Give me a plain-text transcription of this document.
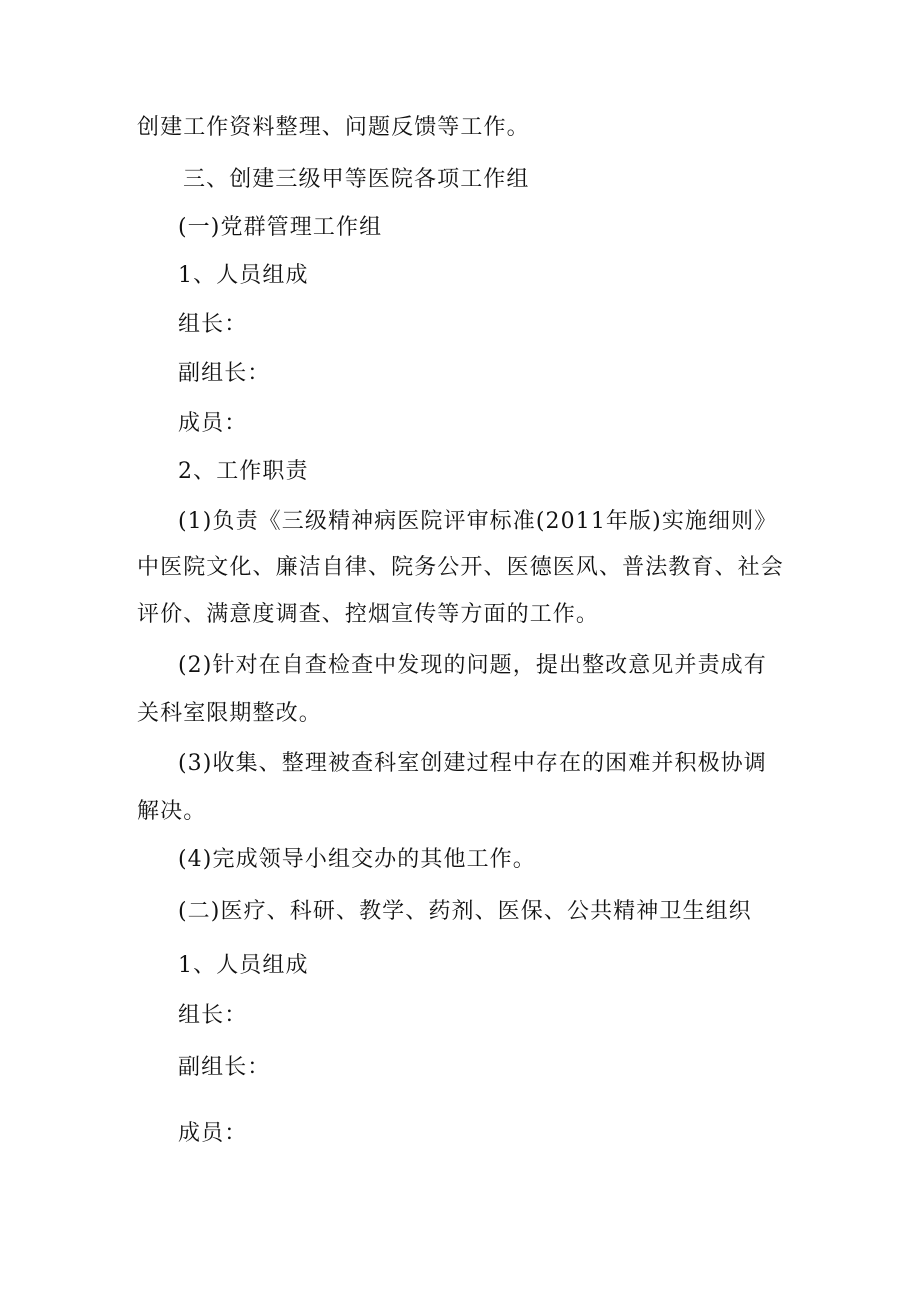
创建工作资料整理、问题反馈等工作。
三、创建三级甲等医院各项工作组
(一)党群管理工作组
1、人员组成
组长：
副组长：
成员：
2、工作职责
(1)负责《三级精神病医院评审标准(2011年版)实施细则》
中医院文化、廉洁自律、院务公开、医德医风、普法教育、社会
评价、满意度调查、控烟宣传等方面的工作。
(2)针对在自查检查中发现的问题，提出整改意见并责成有
关科室限期整改。
(3)收集、整理被查科室创建过程中存在的困难并积极协调
解决。
(4)完成领导小组交办的其他工作。
(二)医疗、科研、教学、药剂、医保、公共精神卫生组织
1、人员组成
组长：
副组长：
成员：
